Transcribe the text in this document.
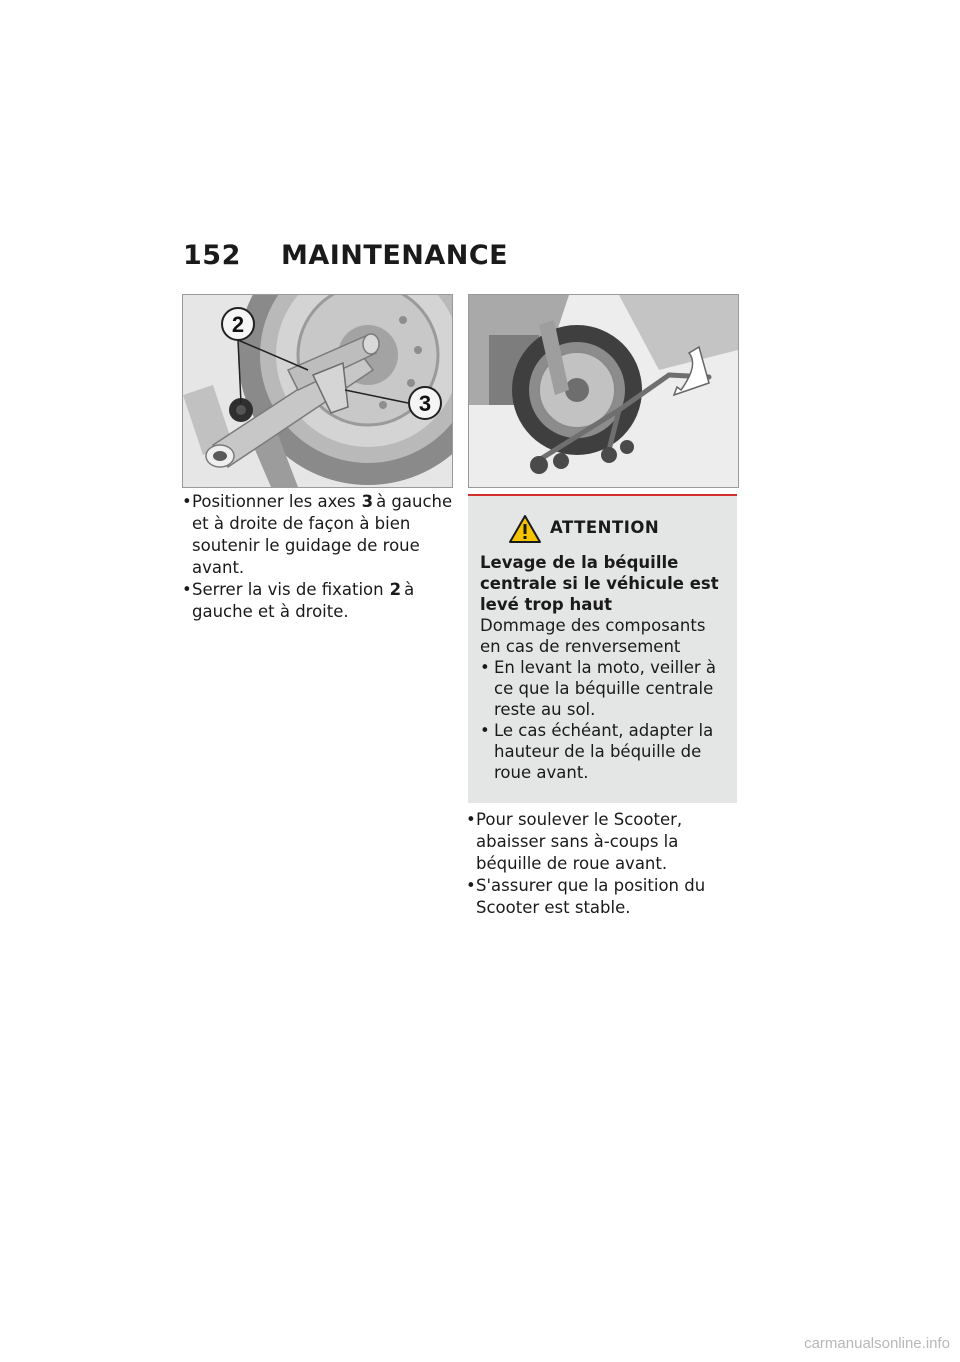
152 MAINTENANCE
2
3
• Positionner les axes 3 à gauche et à droite de façon à bien soutenir le guidage de roue avant.
• Serrer la vis de fixation 2 à gauche et à droite.
ATTENTION
Levage de la béquille centrale si le véhicule est levé trop haut
Dommage des composants en cas de renversement
• En levant la moto, veiller à ce que la béquille centrale reste au sol.
• Le cas échéant, adapter la hauteur de la béquille de roue avant.
• Pour soulever le Scooter, abaisser sans à-coups la béquille de roue avant.
• S'assurer que la position du Scooter est stable.
carmanualsonline.info
